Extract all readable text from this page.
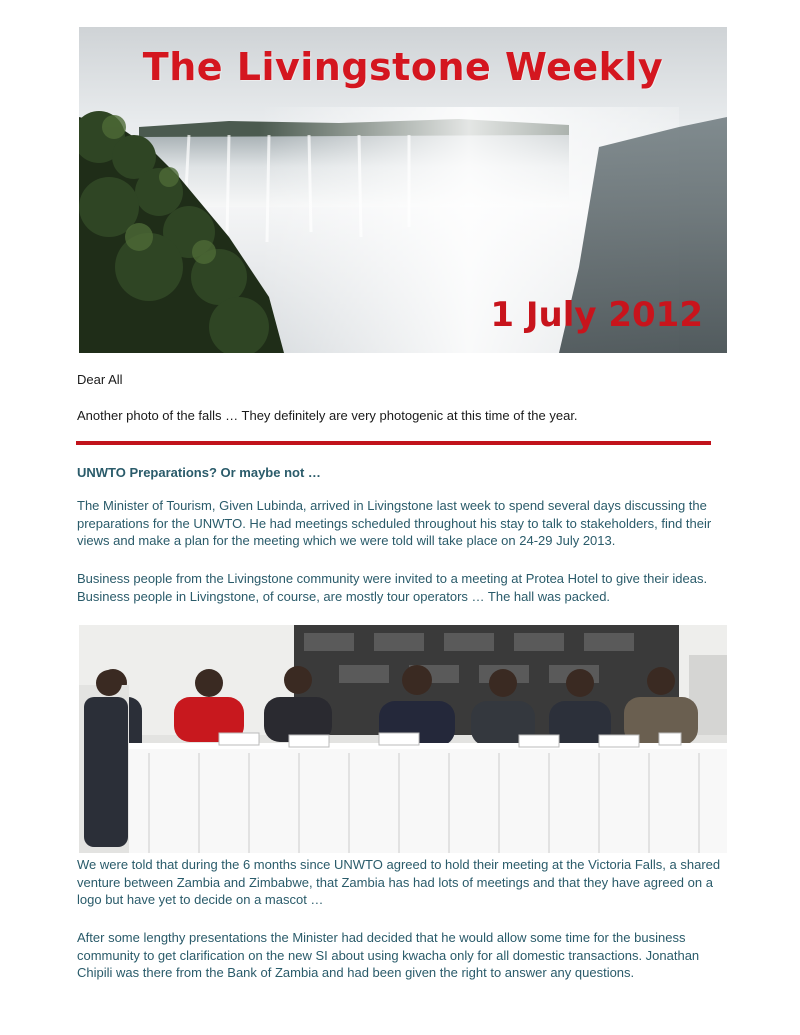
The Livingstone Weekly
1 July 2012
Dear All
Another photo of the falls … They definitely are very photogenic at this time of the year.
UNWTO Preparations? Or maybe not …
The Minister of Tourism, Given Lubinda, arrived in Livingstone last week to spend several days discussing the preparations for the UNWTO. He had meetings scheduled throughout his stay to talk to stakeholders, find their views and make a plan for the meeting which we were told will take place on 24-29 July 2013.
Business people from the Livingstone community were invited to a meeting at Protea Hotel to give their ideas. Business people in Livingstone, of course, are mostly tour operators … The hall was packed.
We were told that during the 6 months since UNWTO agreed to hold their meeting at the Victoria Falls, a shared venture between Zambia and Zimbabwe, that Zambia has had lots of meetings and that they have agreed on a logo but have yet to decide on a mascot …
After some lengthy presentations the Minister had decided that he would allow some time for the business community to get clarification on the new SI about using kwacha only for all domestic transactions. Jonathan Chipili was there from the Bank of Zambia and had been given the right to answer any questions.
